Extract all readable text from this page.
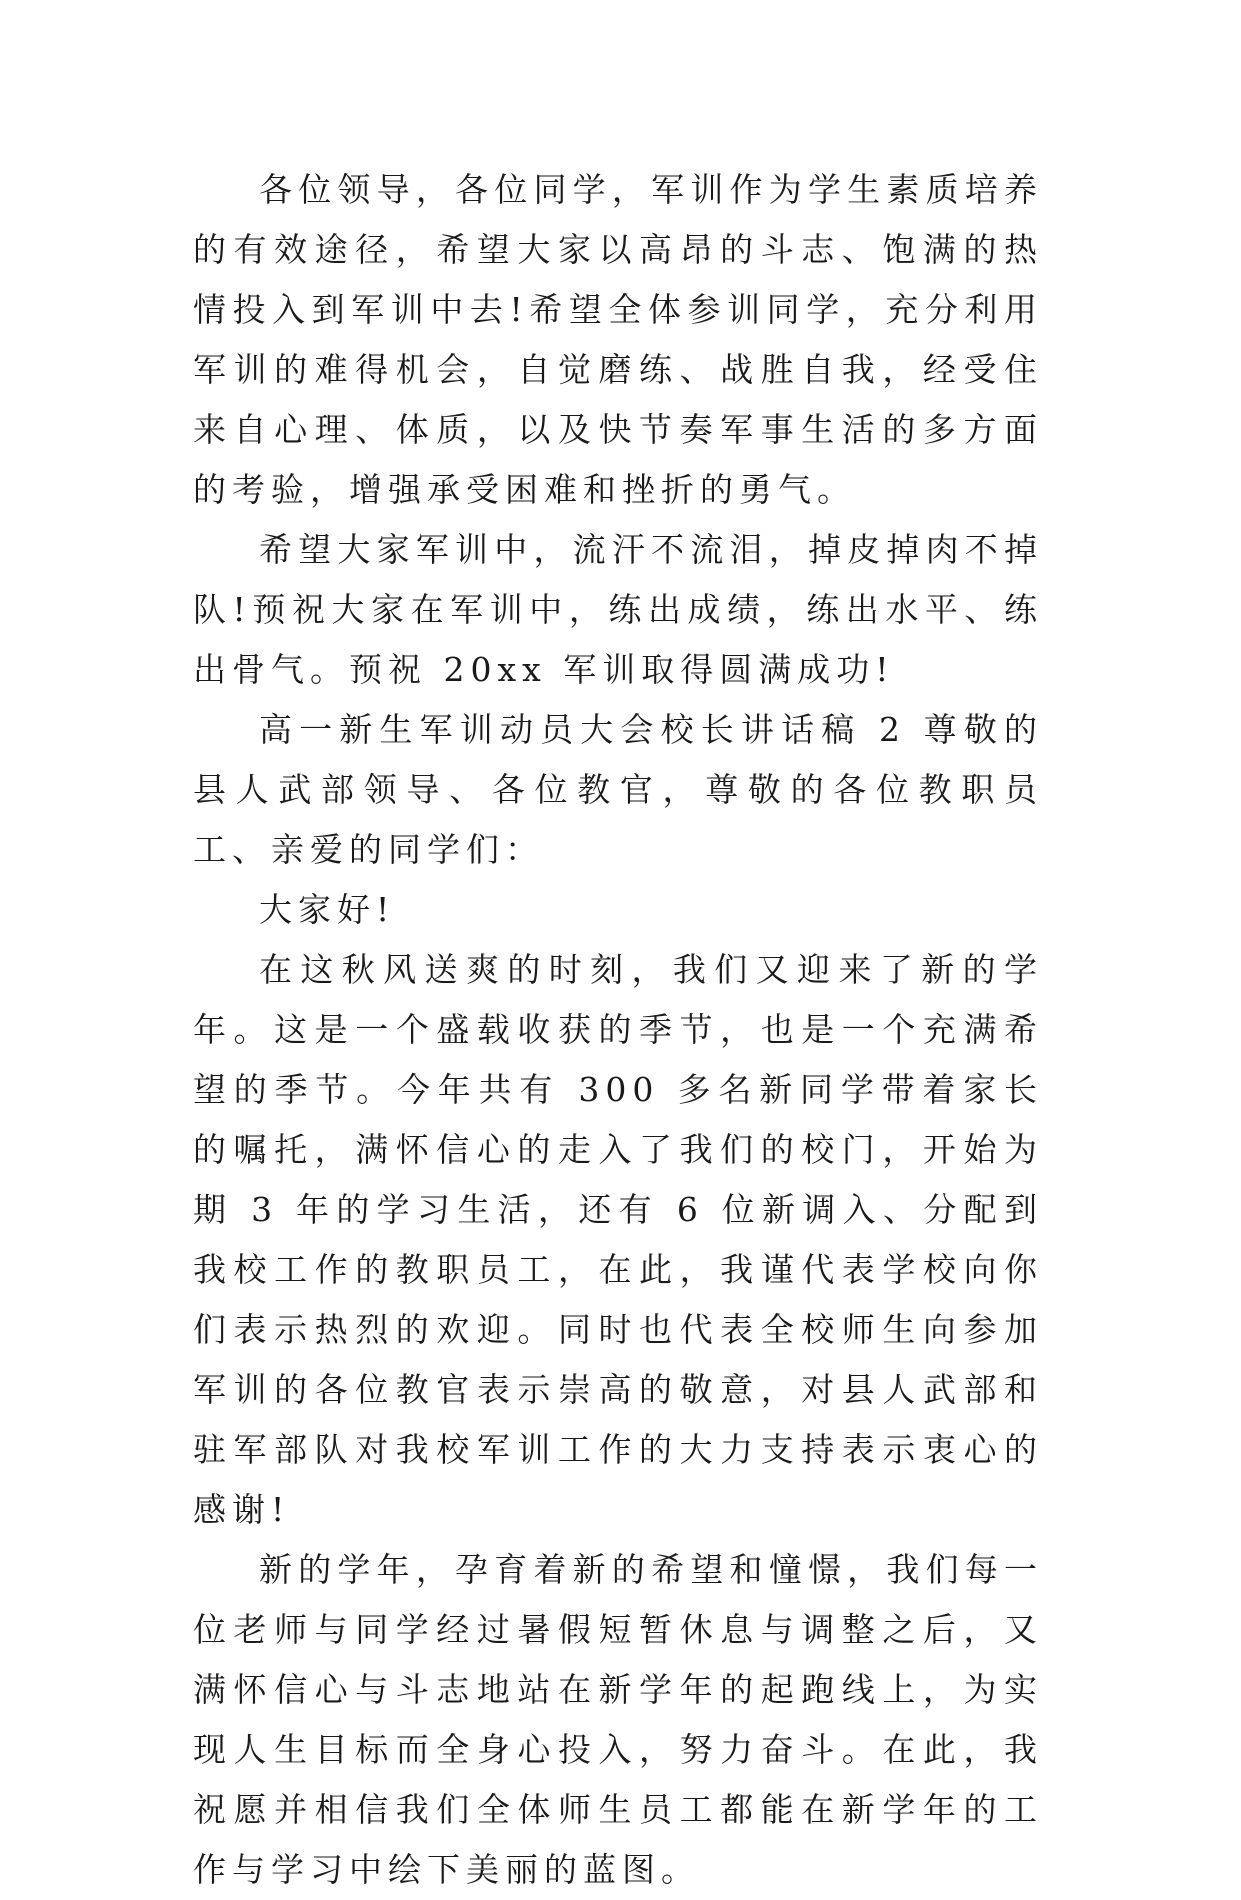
各位领导，各位同学，军训作为学生素质培养的有效途径，希望大家以高昂的斗志、饱满的热情投入到军训中去!希望全体参训同学，充分利用军训的难得机会，自觉磨练、战胜自我，经受住来自心理、体质，以及快节奏军事生活的多方面的考验，增强承受困难和挫折的勇气。

希望大家军训中，流汗不流泪，掉皮掉肉不掉队!预祝大家在军训中，练出成绩，练出水平、练出骨气。预祝 20xx 军训取得圆满成功!

高一新生军训动员大会校长讲话稿 2 尊敬的县人武部领导、各位教官，尊敬的各位教职员工、亲爱的同学们：

大家好!

在这秋风送爽的时刻，我们又迎来了新的学年。这是一个盛载收获的季节，也是一个充满希望的季节。今年共有 300 多名新同学带着家长的嘱托，满怀信心的走入了我们的校门，开始为期 3 年的学习生活，还有 6 位新调入、分配到我校工作的教职员工，在此，我谨代表学校向你们表示热烈的欢迎。同时也代表全校师生向参加军训的各位教官表示崇高的敬意，对县人武部和驻军部队对我校军训工作的大力支持表示衷心的感谢!

新的学年，孕育着新的希望和憧憬，我们每一位老师与同学经过暑假短暂休息与调整之后，又满怀信心与斗志地站在新学年的起跑线上，为实现人生目标而全身心投入，努力奋斗。在此，我祝愿并相信我们全体师生员工都能在新学年的工作与学习中绘下美丽的蓝图。
